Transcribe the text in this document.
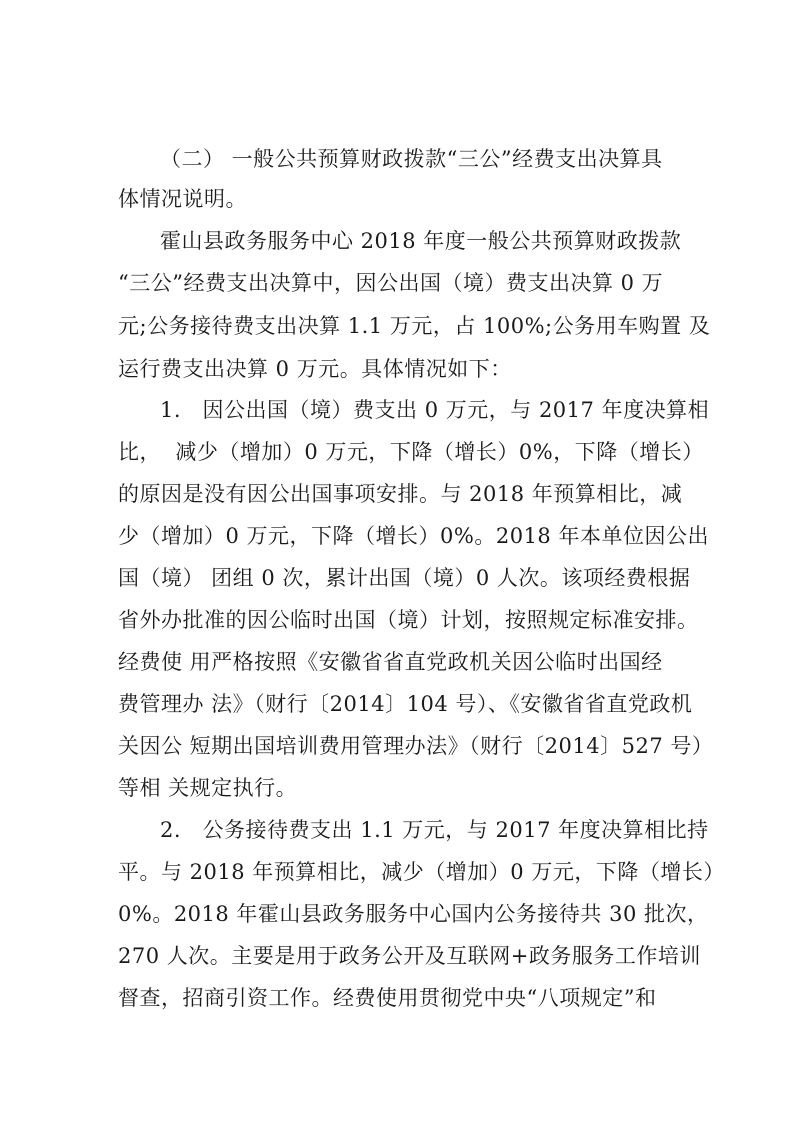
（二） 一般公共预算财政拨款“三公”经费支出决算具
体情况说明。
霍山县政务服务中心 2018 年度一般公共预算财政拨款
“三公”经费支出决算中，因公出国（境）费支出决算 0 万
元;公务接待费支出决算 1.1 万元，占 100%;公务用车购置 及
运行费支出决算 0 万元。具体情况如下：
1.   因公出国（境）费支出 0 万元，与 2017 年度决算相
比，  减少（增加）0 万元，下降（增长）0%，下降（增长）
的原因是没有因公出国事项安排。与 2018 年预算相比，减
少（增加）0 万元，下降（增长）0%。2018 年本单位因公出
国（境） 团组 0 次，累计出国（境）0 人次。该项经费根据
省外办批准的因公临时出国（境）计划，按照规定标准安排。
经费使 用严格按照《安徽省省直党政机关因公临时出国经
费管理办 法》（财行〔2014〕104 号）、《安徽省省直党政机
关因公 短期出国培训费用管理办法》（财行〔2014〕527 号）
等相 关规定执行。
2.   公务接待费支出 1.1 万元，与 2017 年度决算相比持
平。与 2018 年预算相比，减少（增加）0 万元，下降（增长）
0%。2018 年霍山县政务服务中心国内公务接待共 30 批次，
270 人次。主要是用于政务公开及互联网+政务服务工作培训
督查，招商引资工作。经费使用贯彻党中央“八项规定”和
